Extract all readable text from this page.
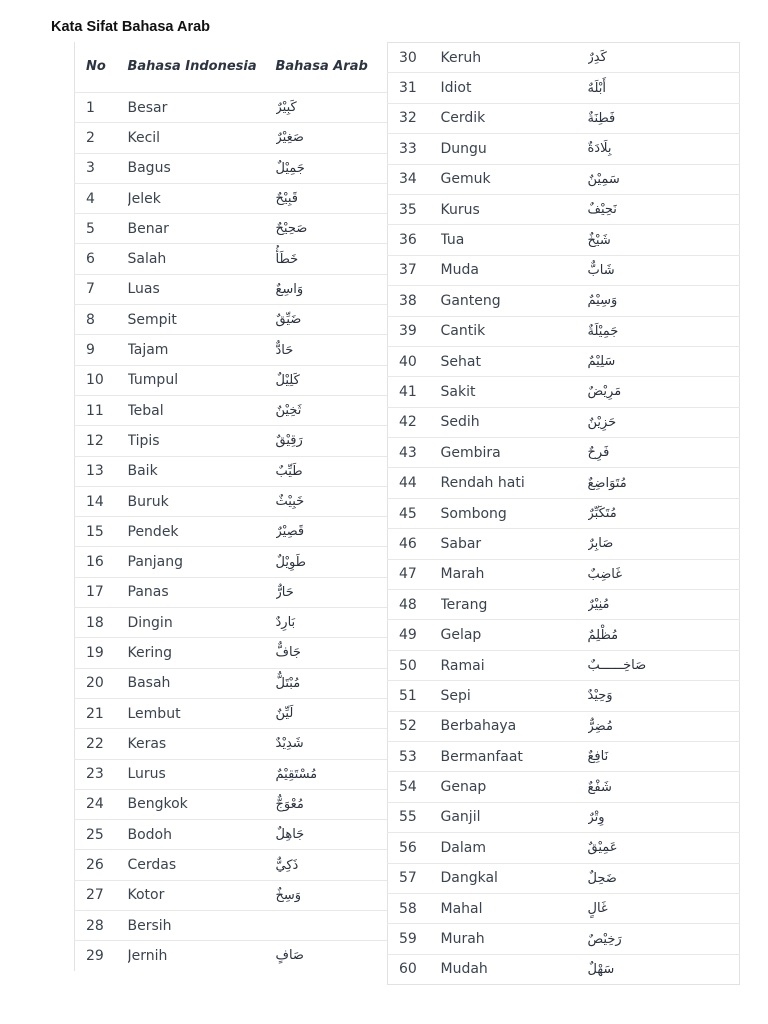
Kata Sifat Bahasa Arab
No	Bahasa Indonesia	Bahasa Arab
1	Besar	كَبِيْرٌ
2	Kecil	صَغِيْرٌ
3	Bagus	جَمِيْلٌ
4	Jelek	قَبِيْحٌ
5	Benar	صَحِيْحٌ
6	Salah	خَطَأٌ
7	Luas	وَاسِعٌ
8	Sempit	ضَيِّقٌ
9	Tajam	حَادٌّ
10	Tumpul	كَلِيْلٌ
11	Tebal	ثَخِيْنٌ
12	Tipis	رَقِيْقٌ
13	Baik	طَيِّبٌ
14	Buruk	خَبِيْثٌ
15	Pendek	قَصِيْرٌ
16	Panjang	طَوِيْلٌ
17	Panas	حَارٌّ
18	Dingin	بَارِدٌ
19	Kering	جَافٌّ
20	Basah	مُبْتَلٌّ
21	Lembut	لَيِّنٌ
22	Keras	شَدِيْدٌ
23	Lurus	مُسْتَقِيْمٌ
24	Bengkok	مُعْوَجٌّ
25	Bodoh	جَاهِلٌ
26	Cerdas	ذَكِيٌّ
27	Kotor	وَسِخٌ
28	Bersih	
29	Jernih	صَافٍ
30	Keruh	كَدِرٌ
31	Idiot	أَبْلَهٌ
32	Cerdik	فَطِنَةٌ
33	Dungu	بِلَادَةٌ
34	Gemuk	سَمِيْنٌ
35	Kurus	نَحِيْفٌ
36	Tua	شَيْخٌ
37	Muda	شَابٌّ
38	Ganteng	وَسِيْمٌ
39	Cantik	جَمِيْلَةٌ
40	Sehat	سَلِيْمٌ
41	Sakit	مَرِيْضٌ
42	Sedih	حَزِيْنٌ
43	Gembira	فَرِحٌ
44	Rendah hati	مُتَوَاضِعٌ
45	Sombong	مُتَكَبِّرٌ
46	Sabar	صَابِرٌ
47	Marah	غَاضِبٌ
48	Terang	مُنِيْرٌ
49	Gelap	مُظْلِمٌ
50	Ramai	صَاخِــــــبٌ
51	Sepi	وَحِيْدٌ
52	Berbahaya	مُضِرٌّ
53	Bermanfaat	نَافِعٌ
54	Genap	شَفْعٌ
55	Ganjil	وِتْرٌ
56	Dalam	عَمِيْقٌ
57	Dangkal	ضَحِلٌ
58	Mahal	غَالٍ
59	Murah	رَخِيْصٌ
60	Mudah	سَهْلٌ
